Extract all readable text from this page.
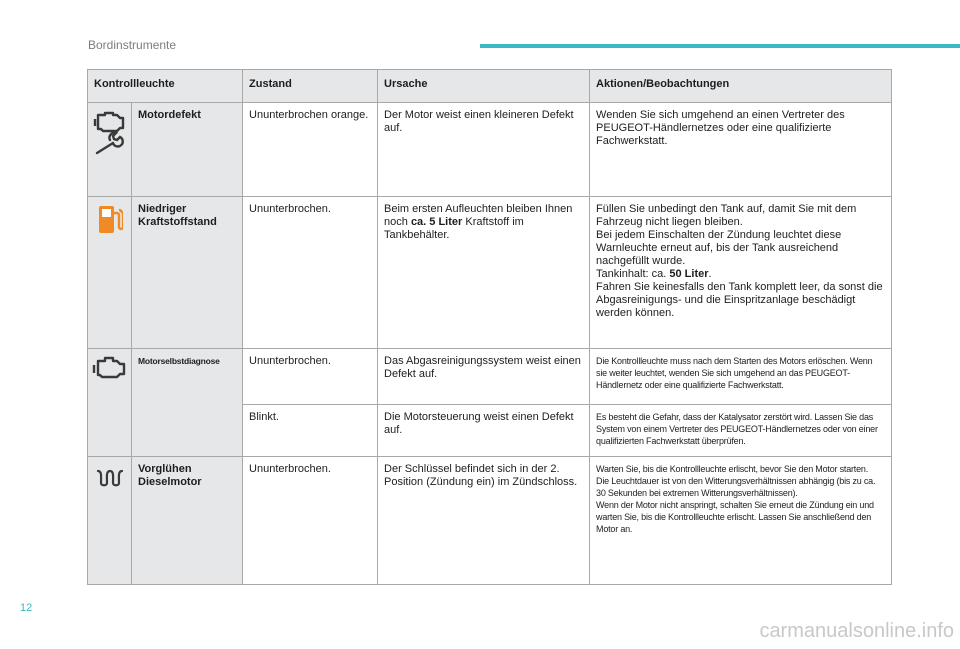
Bordinstrumente
Kontrollleuchte		Zustand	Ursache	Aktionen/Beobachtungen

	Motordefekt	Ununterbrochen orange.	Der Motor weist einen kleineren Defekt auf.	Wenden Sie sich umgehend an einen Vertreter des PEUGEOT-Händlernetzes oder eine qualifizierte Fachwerkstatt.

	Niedriger Kraftstoffstand	Ununterbrochen.	Beim ersten Aufleuchten bleiben Ihnen noch ca. 5 Liter Kraftstoff im Tankbehälter.	Füllen Sie unbedingt den Tank auf, damit Sie mit dem Fahrzeug nicht liegen bleiben.
Bei jedem Einschalten der Zündung leuchtet diese Warnleuchte erneut auf, bis der Tank ausreichend nachgefüllt wurde.
Tankinhalt: ca. 50 Liter.
Fahren Sie keinesfalls den Tank komplett leer, da sonst die Abgasreinigungs- und die Einspritzanlage beschädigt werden können.

	Motorselbstdiagnose	Ununterbrochen.	Das Abgasreinigungssystem weist einen Defekt auf.	Die Kontrollleuchte muss nach dem Starten des Motors erlöschen. Wenn sie weiter leuchtet, wenden Sie sich umgehend an das PEUGEOT-Händlernetz oder eine qualifizierte Fachwerkstatt.
		Blinkt.	Die Motorsteuerung weist einen Defekt auf.	Es besteht die Gefahr, dass der Katalysator zerstört wird. Lassen Sie das System von einem Vertreter des PEUGEOT-Händlernetzes oder von einer qualifizierten Fachwerkstatt überprüfen.

	Vorglühen Dieselmotor	Ununterbrochen.	Der Schlüssel befindet sich in der 2. Position (Zündung ein) im Zündschloss.	Warten Sie, bis die Kontrollleuchte erlischt, bevor Sie den Motor starten.
Die Leuchtdauer ist von den Witterungsverhältnissen abhängig (bis zu ca. 30 Sekunden bei extremen Witterungsverhältnissen).
Wenn der Motor nicht anspringt, schalten Sie erneut die Zündung ein und warten Sie, bis die Kontrollleuchte erlischt. Lassen Sie anschließend den Motor an.
12
carmanualsonline.info
